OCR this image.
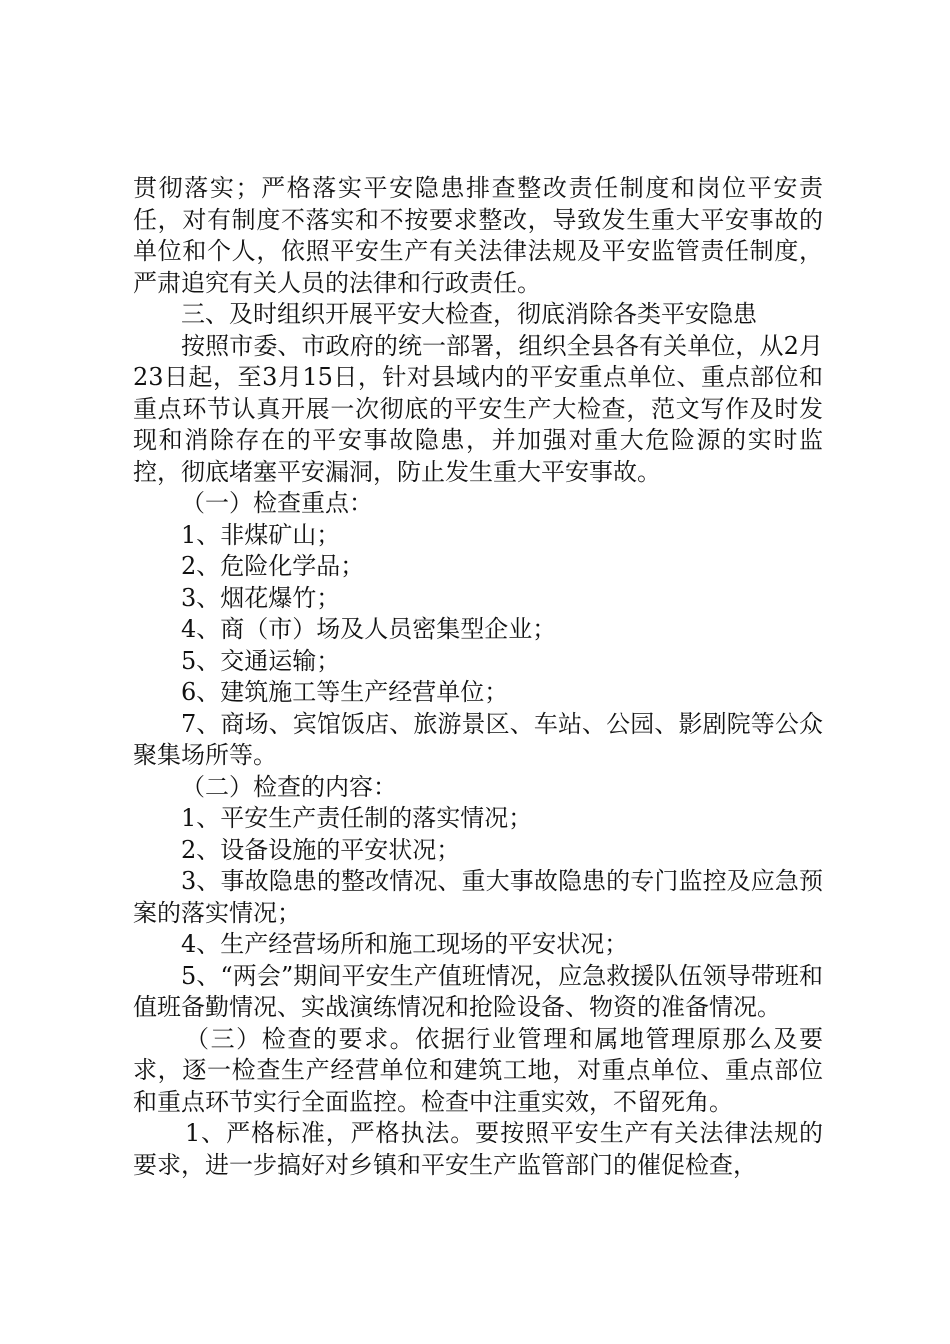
贯彻落实；严格落实平安隐患排查整改责任制度和岗位平安责任，对有制度不落实和不按要求整改，导致发生重大平安事故的单位和个人，依照平安生产有关法律法规及平安监管责任制度，严肃追究有关人员的法律和行政责任。

三、及时组织开展平安大检查，彻底消除各类平安隐患

按照市委、市政府的统一部署，组织全县各有关单位，从2月23日起，至3月15日，针对县域内的平安重点单位、重点部位和重点环节认真开展一次彻底的平安生产大检查，范文写作及时发现和消除存在的平安事故隐患，并加强对重大危险源的实时监控，彻底堵塞平安漏洞，防止发生重大平安事故。

（一）检查重点：

1、非煤矿山；

2、危险化学品；

3、烟花爆竹；

4、商（市）场及人员密集型企业；

5、交通运输；

6、建筑施工等生产经营单位；

7、商场、宾馆饭店、旅游景区、车站、公园、影剧院等公众聚集场所等。

（二）检查的内容：

1、平安生产责任制的落实情况；

2、设备设施的平安状况；

3、事故隐患的整改情况、重大事故隐患的专门监控及应急预案的落实情况；

4、生产经营场所和施工现场的平安状况；

5、“两会”期间平安生产值班情况，应急救援队伍领导带班和值班备勤情况、实战演练情况和抢险设备、物资的准备情况。

（三）检查的要求。依据行业管理和属地管理原那么及要求，逐一检查生产经营单位和建筑工地，对重点单位、重点部位和重点环节实行全面监控。检查中注重实效，不留死角。

1、严格标准，严格执法。要按照平安生产有关法律法规的要求，进一步搞好对乡镇和平安生产监管部门的催促检查，
